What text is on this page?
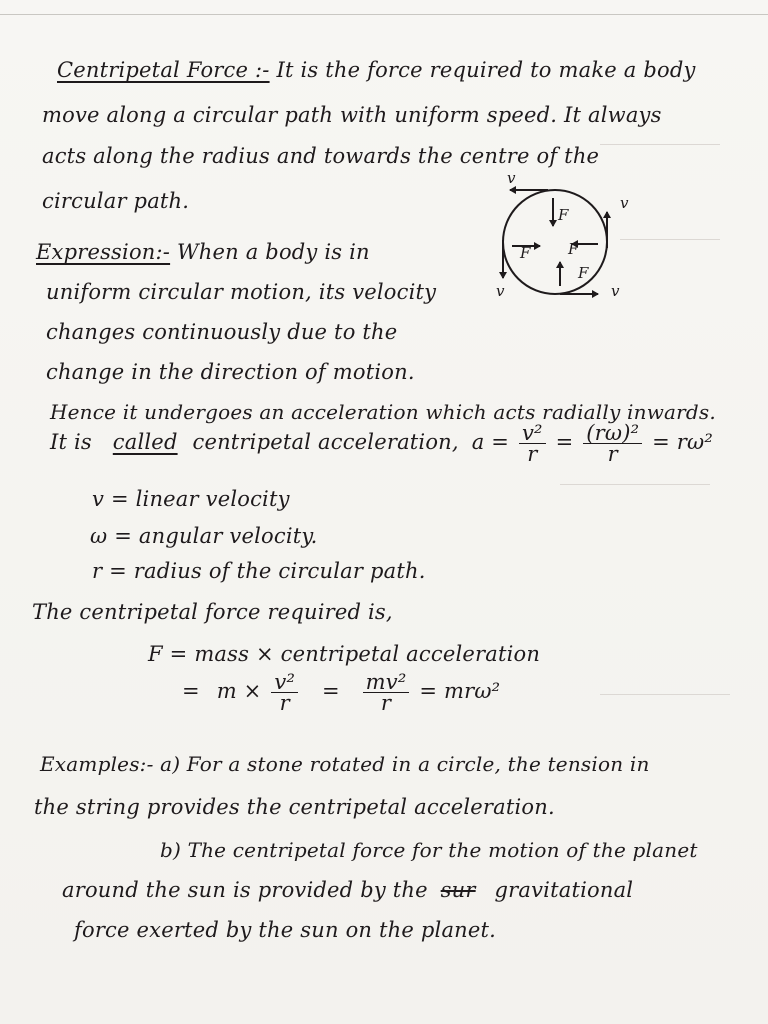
Centripetal Force :- It is the force required to make a body
move along a circular path with uniform speed. It always
acts along the radius and towards the centre of the
circular path.
Expression:- When a body is in
uniform circular motion, its velocity
changes continuously due to the
change in the direction of motion.
Hence it undergoes an acceleration which acts radially inwards.
It is called centripetal acceleration, $a = \frac{\text{v²}}{r} = \frac{\text{(rω)²}}{r} = r\omega^2$
v = linear velocity
ω = angular velocity.
r = radius of the circular path.
The centripetal force required is,
F = mass × centripetal acceleration
= $m \times \frac{\text{v²}}{r} = \frac{\text{mv²}}{r} = mr\omega^2$
Examples:- a) For a stone rotated in a circle, the tension in
the string provides the centripetal acceleration.
b) The centripetal force for the motion of the planet
around the sun is provided by the sur gravitational
force exerted by the sun on the planet.
v
v	v
v
F
F	F
F
